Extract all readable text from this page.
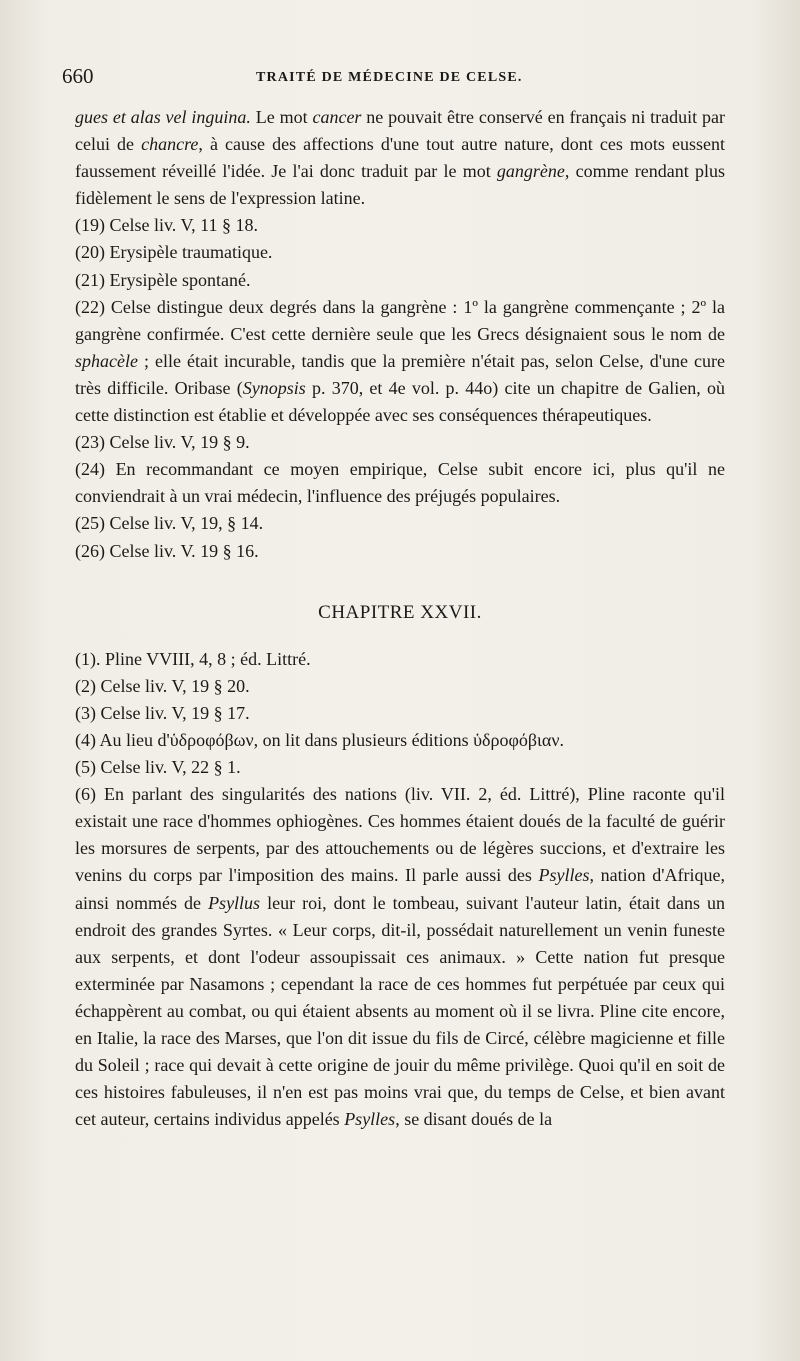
660	TRAITÉ DE MÉDECINE DE CELSE.

gues et alas vel inguina. Le mot cancer ne pouvait être conservé en français ni traduit par celui de chancre, à cause des affections d'une tout autre nature, dont ces mots eussent faussement réveillé l'idée. Je l'ai donc traduit par le mot gangrène, comme rendant plus fidèlement le sens de l'expression latine.

(19) Celse liv. V, 11 § 18.

(20) Erysipèle traumatique.

(21) Erysipèle spontané.

(22) Celse distingue deux degrés dans la gangrène : 1º la gangrène commençante ; 2º la gangrène confirmée. C'est cette dernière seule que les Grecs désignaient sous le nom de sphacèle ; elle était incurable, tandis que la première n'était pas, selon Celse, d'une cure très difficile. Oribase (Synopsis p. 370, et 4e vol. p. 44o) cite un chapitre de Galien, où cette distinction est établie et développée avec ses conséquences thérapeutiques.

(23) Celse liv. V, 19 § 9.

(24) En recommandant ce moyen empirique, Celse subit encore ici, plus qu'il ne conviendrait à un vrai médecin, l'influence des préjugés populaires.

(25) Celse liv. V, 19, § 14.

(26) Celse liv. V. 19 § 16.

CHAPITRE XXVII.

(1). Pline VVIII, 4, 8 ; éd. Littré.

(2) Celse liv. V, 19 § 20.

(3) Celse liv. V, 19 § 17.

(4) Au lieu d'ὑδροφόβων, on lit dans plusieurs éditions ὑδροφόβιαν.

(5) Celse liv. V, 22 § 1.

(6) En parlant des singularités des nations (liv. VII. 2, éd. Littré), Pline raconte qu'il existait une race d'hommes ophiogènes. Ces hommes étaient doués de la faculté de guérir les morsures de serpents, par des attouchements ou de légères succions, et d'extraire les venins du corps par l'imposition des mains. Il parle aussi des Psylles, nation d'Afrique, ainsi nommés de Psyllus leur roi, dont le tombeau, suivant l'auteur latin, était dans un endroit des grandes Syrtes. « Leur corps, dit-il, possédait naturellement un venin funeste aux serpents, et dont l'odeur assoupissait ces animaux. » Cette nation fut presque exterminée par Nasamons ; cependant la race de ces hommes fut perpétuée par ceux qui échappèrent au combat, ou qui étaient absents au moment où il se livra. Pline cite encore, en Italie, la race des Marses, que l'on dit issue du fils de Circé, célèbre magicienne et fille du Soleil ; race qui devait à cette origine de jouir du même privilège. Quoi qu'il en soit de ces histoires fabuleuses, il n'en est pas moins vrai que, du temps de Celse, et bien avant cet auteur, certains individus appelés Psylles, se disant doués de la
